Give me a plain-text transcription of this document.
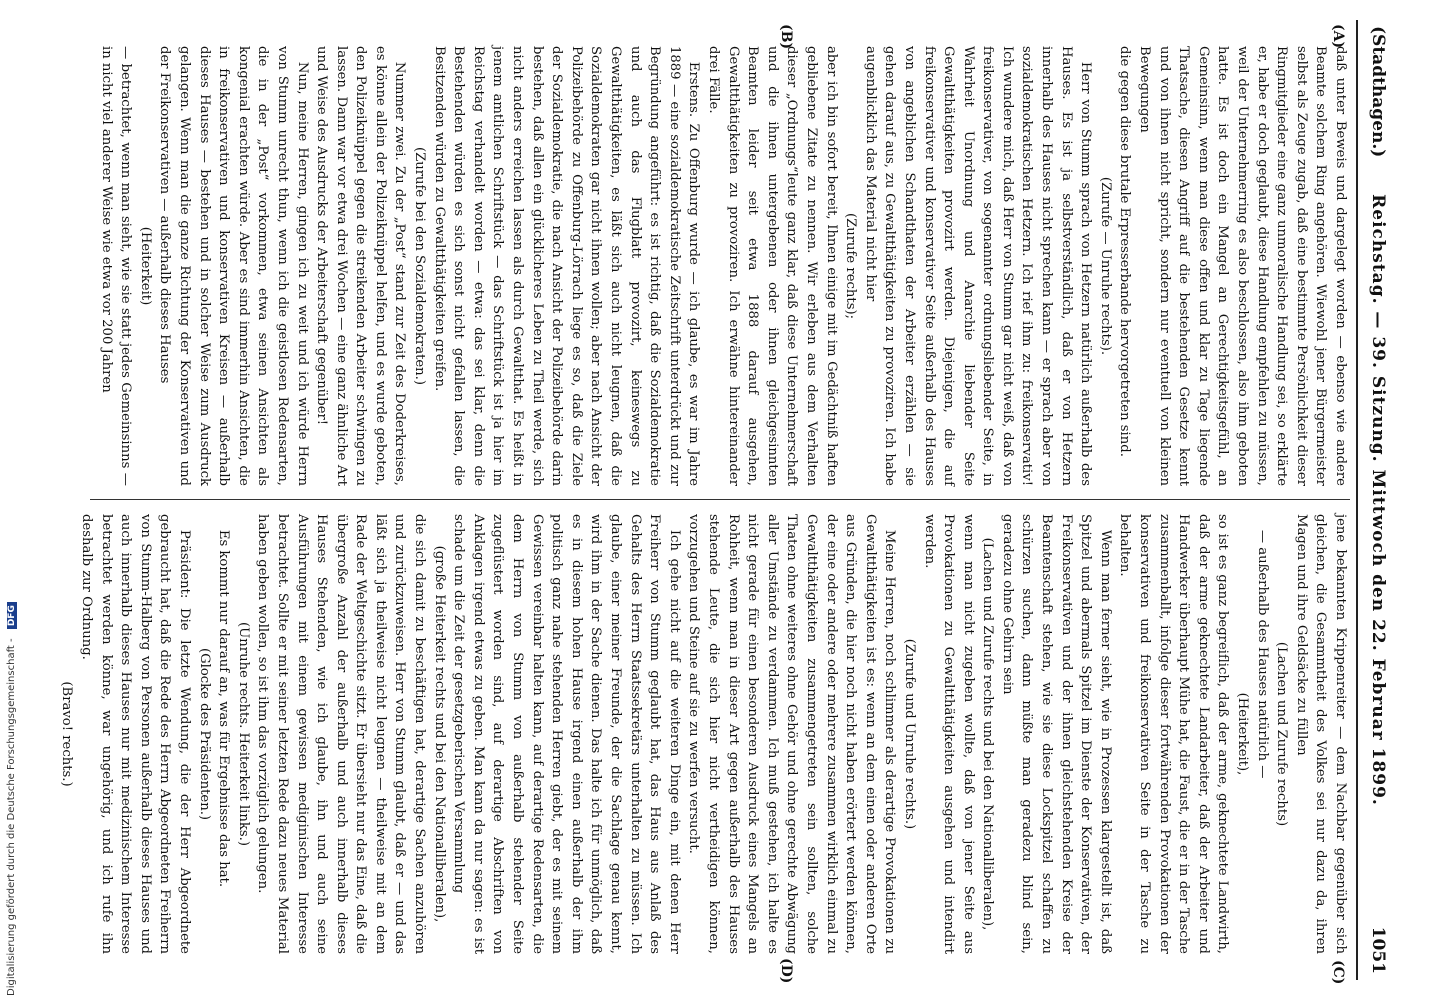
(Stadthagen.)
Reichstag. — 39. Sitzung. Mittwoch den 22. Februar 1899.
1051
(A)
(B)
(C)
(D)

daß unter Beweis und dargelegt worden — ebenso wie andere Beamte solchem Ring angehören. Wiewohl jener Bürgermeister selbst als Zeuge zugab, daß eine bestimmte Persönlichkeit dieser Ringmitglieder eine ganz unmoralische Handlung sei, so erklärte er, habe er doch geglaubt, diese Handlung empfehlen zu müssen, weil der Unternehmerring es also beschlossen, also ihm geboten hatte. Es ist doch ein Mangel an Gerechtigkeitsgefühl, an Gemeinsinn, wenn man diese offen und klar zu Tage liegende Thatsache, diesen Angriff auf die bestehenden Gesetze kennt und von ihnen nicht spricht, sondern nur eventuell von kleinen Bewegungen

die gegen diese brutale Erpresserbande hervorgetreten sind.

(Zurufe — Unruhe rechts).

Herr von Stumm sprach von Hetzern natürlich außerhalb des Hauses. Es ist ja selbstverständlich, daß er von Hetzern innerhalb des Hauses nicht sprechen kann — er sprach aber von sozialdemokratischen Hetzern. Ich rief ihm zu: freikonservativ! Ich wundere mich, daß Herr von Stumm gar nicht weiß, daß von freikonservativer, von sogenannter ordnungsliebender Seite, in Wahrheit Unordnung und Anarchie liebender Seite Gewaltthätigkeiten provozirt werden. Diejenigen, die auf freikonservativer und konservativer Seite außerhalb des Hauses von angeblichen Schandthaten der Arbeiter erzählen — sie gehen darauf aus, zu Gewaltthätigkeiten zu provoziren. Ich habe augenblicklich das Material nicht hier

(Zurufe rechts);

aber ich bin sofort bereit, Ihnen einige mit im Gedächtniß haften gebliebene Zitate zu nennen. Wir erleben aus dem Verhalten dieser „Ordnungs“leute ganz klar, daß diese Unternehmerschaft und die ihnen untergebenen oder ihnen gleichgesinnten Beamten leider seit etwa 1888 darauf ausgehen, Gewaltthätigkeiten zu provoziren. Ich erwähne hintereinander drei Fälle.

Erstens. Zu Offenburg wurde — ich glaube, es war im Jahre 1889 — eine sozialdemokratische Zeitschrift unterdrückt und zur Begründung angeführt: es ist richtig, daß die Sozialdemokratie und auch das Flugblatt provozirt, keineswegs zu Gewaltthätigkeiten, es läßt sich auch nicht leugnen, daß die Sozialdemokraten gar nicht ihnen wollen; aber nach Ansicht der Polizeibehörde zu Offenburg-Lörrach liege es so, daß die Ziele der Sozialdemokratie, die nach Ansicht der Polizeibehörde darin bestehen, daß allen ein glücklicheres Leben zu Theil werde, sich nicht anders erreichen lassen als durch Gewaltthat. Es heißt in jenem amtlichen Schriftstück — das Schriftstück ist ja hier im Reichstag verhandelt worden — etwa: das sei klar, denn die Bestehenden würden es sich sonst nicht gefallen lassen, die Besitzenden würden zu Gewaltthätigkeiten greifen.

(Zurufe bei den Sozialdemokraten.)

Nummer zwei. Zu der „Post“ stand zur Zeit des Doderkreises, es könne allein der Polizeiknüppel helfen, und es wurde geboten, den Polizeiknüppel gegen die streikenden Arbeiter schwingen zu lassen. Dann war vor etwa drei Wochen — eine ganz ähnliche Art und Weise des Ausdrucks der Arbeiterschaft gegenüber!

Nun, meine Herren, gingen ich zu weit und ich würde Herrn von Stumm unrecht thun, wenn ich die geistlosen Redensarten, die in der „Post“ vorkommen, etwa seinen Ansichten als kongenial erachten würde. Aber es sind immerhin Ansichten, die in freikonservativen und konservativen Kreisen — außerhalb dieses Hauses — bestehen und in solcher Weise zum Ausdruck gelangen. Wenn man die ganze Richtung der Konservativen und der Freikonservativen — außerhalb dieses Hauses

(Heiterkeit)

— betrachtet, wenn man sieht, wie sie statt jedes Gemeinsinns — in nicht viel anderer Weise wie etwa vor 200 Jahren

jene bekannten Krippenreiter — dem Nachbar gegenüber sich gleichen, die Gesammtheit des Volkes sei nur dazu da, ihren Magen und ihre Geldsäcke zu füllen

(Lachen und Zurufe rechts)

— außerhalb des Hauses natürlich —

(Heiterkeit),

so ist es ganz begreiflich, daß der arme, geknechtete Landwirth, daß der arme geknechtete Landarbeiter, daß der Arbeiter und Handwerker überhaupt Mühe hat, die Faust, die er in der Tasche zusammenballt, infolge dieser fortwährenden Provokationen der konservativen und freikonservativen Seite in der Tasche zu behalten.

Wenn man ferner sieht, wie in Prozessen klargestellt ist, daß Spitzel und abermals Spitzel im Dienste der Konservativen, der Freikonservativen und der ihnen gleichstehenden Kreise der Beamtenschaft stehen, wie sie diese Lockspitzel schaffen zu schürzen suchen, dann müßte man geradezu blind sein, geradezu ohne Gehirn sein

(Lachen und Zurufe rechts und bei den Nationalliberalen),

wenn man nicht zugeben wollte, daß von jener Seite aus Provokationen zu Gewaltthätigkeiten ausgehen und intendirt werden.

(Zurufe und Unruhe rechts.)

Meine Herren, noch schlimmer als derartige Provokationen zu Gewaltthätigkeiten ist es: wenn an dem einen oder anderen Orte aus Gründen, die hier noch nicht haben erörtert werden können, der eine oder andere oder mehrere zusammen wirklich einmal zu Gewaltthätigkeiten zusammengetreten sein sollten, solche Thaten ohne weiteres ohne Gehör und ohne gerechte Abwägung aller Umstände zu verdammen. Ich muß gestehen, ich halte es nicht gerade für einen besonderen Ausdruck eines Mangels an Rohheit, wenn man in dieser Art gegen außerhalb des Hauses stehende Leute, die sich hier nicht vertheidigen können, vorzugehen und Steine auf sie zu werfen versucht.

Ich gehe nicht auf die weiteren Dinge ein, mit denen Herr Freiherr von Stumm geglaubt hat, das Haus aus Anlaß des Gehalts des Herrn Staatssekretärs unterhalten zu müssen. Ich glaube, einer meiner Freunde, der die Sachlage genau kennt, wird ihm in der Sache dienen. Das halte ich für unmöglich, daß es in diesem hohen Hause irgend einen außerhalb der ihm politisch ganz nahe stehenden Herren giebt, der es mit seinem Gewissen vereinbar halten kann, auf derartige Redensarten, die dem Herrn von Stumm von außerhalb stehender Seite zugeflüstert worden sind, auf derartige Abschriften von Anklagen irgend etwas zu geben. Man kann da nur sagen: es ist schade um die Zeit der gesetzgeberischen Versammlung

(große Heiterkeit rechts und bei den Nationalliberalen),

die sich damit zu beschäftigen hat, derartige Sachen anzuhören und zurückzuweisen. Herr von Stumm glaubt, daß er — und das läßt sich ja theilweise nicht leugnen — theilweise mit an dem Rade der Weltgeschichte sitzt. Er übersieht nur das Eine, daß die übergroße Anzahl der außerhalb und auch innerhalb dieses Hauses Stehenden, wie ich glaube, ihn und auch seine Ausführungen mit einem gewissen mediginischen Interesse betrachtet. Sollte er mit seiner letzten Rede dazu neues Material haben geben wollen, so ist ihm das vorzüglich gelungen.

(Unruhe rechts. Heiterkeit links.)

Es kommt nur darauf an, was für Ergebnisse das hat.

(Glocke des Präsidenten.)

Präsident: Die letzte Wendung, die der Herr Abgeordnete gebraucht hat, daß die Rede des Herrn Abgeordneten Freiherrn von Stumm-Halberg von Personen außerhalb dieses Hauses und auch innerhalb dieses Hauses nur mit medizinischem Interesse betrachtet werden könne, war ungehörig, und ich rufe ihn deshalb zur Ordnung.

(Bravo! rechts.)

Digitalisierung gefördert durch die Deutsche Forschungsgemeinschaft - DFG
